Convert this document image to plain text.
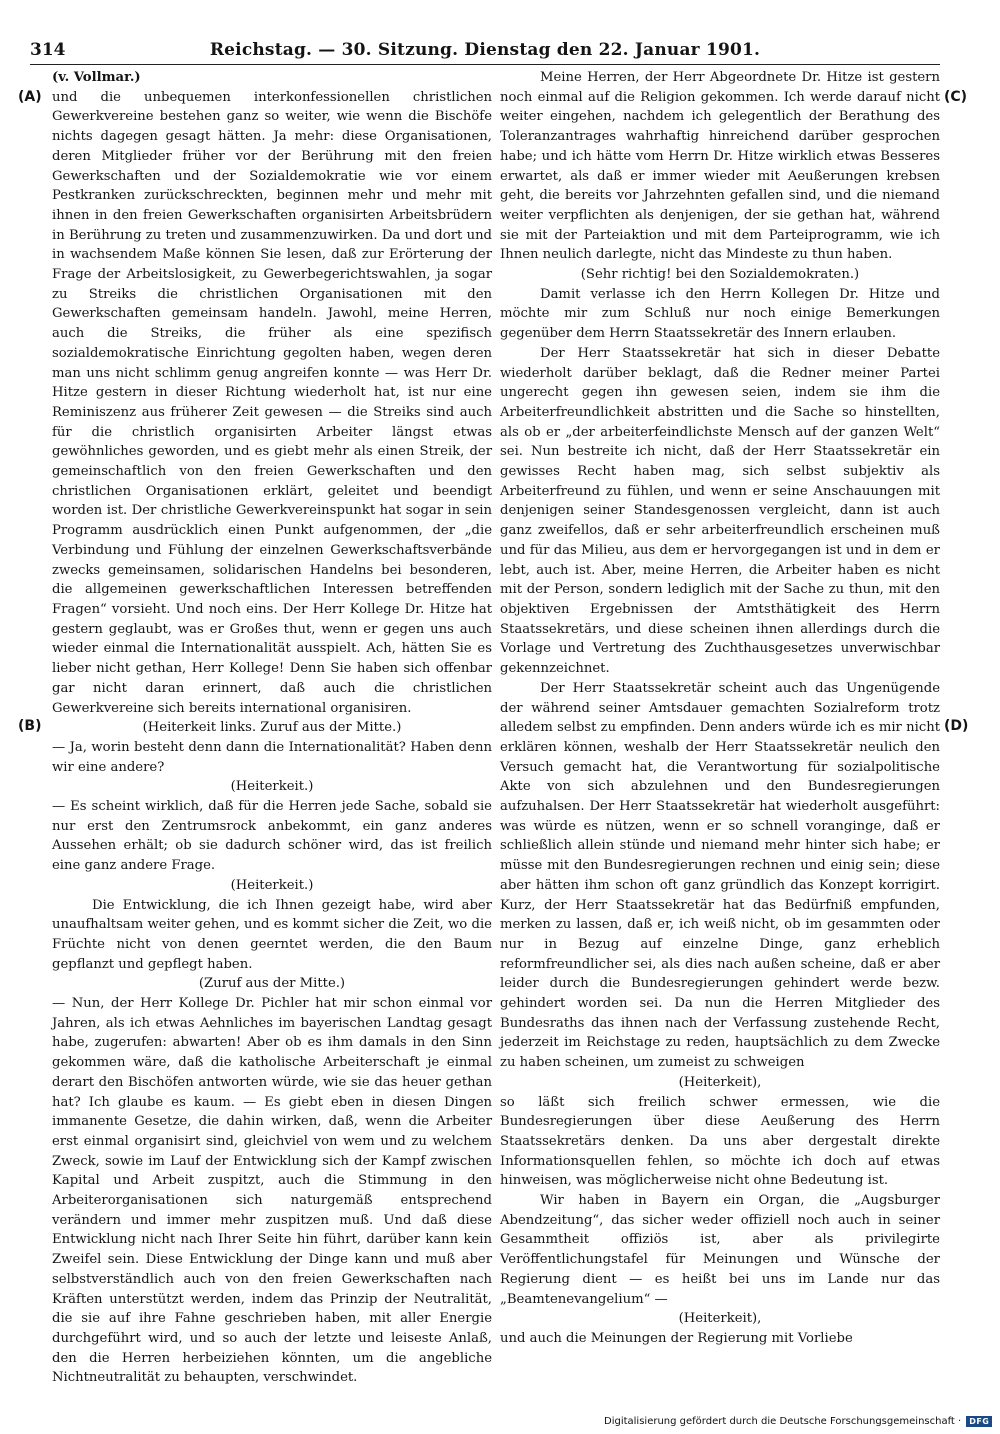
314	Reichstag. — 30. Sitzung. Dienstag den 22. Januar 1901.
(A)
(B)
(C)
(D)

(v. Vollmar.)

und die unbequemen interkonfessionellen christlichen Gewerkvereine bestehen ganz so weiter, wie wenn die Bischöfe nichts dagegen gesagt hätten. Ja mehr: diese Organisationen, deren Mitglieder früher vor der Berührung mit den freien Gewerkschaften und der Sozialdemokratie wie vor einem Pestkranken zurückschreckten, beginnen mehr und mehr mit ihnen in den freien Gewerkschaften organisirten Arbeitsbrüdern in Berührung zu treten und zusammenzuwirken. Da und dort und in wachsendem Maße können Sie lesen, daß zur Erörterung der Frage der Arbeitslosigkeit, zu Gewerbegerichtswahlen, ja sogar zu Streiks die christlichen Organisationen mit den Gewerkschaften gemeinsam handeln. Jawohl, meine Herren, auch die Streiks, die früher als eine spezifisch sozialdemokratische Einrichtung gegolten haben, wegen deren man uns nicht schlimm genug angreifen konnte — was Herr Dr. Hitze gestern in dieser Richtung wiederholt hat, ist nur eine Reminiszenz aus früherer Zeit gewesen — die Streiks sind auch für die christlich organisirten Arbeiter längst etwas gewöhnliches geworden, und es giebt mehr als einen Streik, der gemeinschaftlich von den freien Gewerkschaften und den christlichen Organisationen erklärt, geleitet und beendigt worden ist. Der christliche Gewerkvereinspunkt hat sogar in sein Programm ausdrücklich einen Punkt aufgenommen, der „die Verbindung und Fühlung der einzelnen Gewerkschaftsverbände zwecks gemeinsamen, solidarischen Handelns bei besonderen, die allgemeinen gewerkschaftlichen Interessen betreffenden Fragen“ vorsieht. Und noch eins. Der Herr Kollege Dr. Hitze hat gestern geglaubt, was er Großes thut, wenn er gegen uns auch wieder einmal die Internationalität ausspielt. Ach, hätten Sie es lieber nicht gethan, Herr Kollege! Denn Sie haben sich offenbar gar nicht daran erinnert, daß auch die christlichen Gewerkvereine sich bereits international organisiren.

(Heiterkeit links. Zuruf aus der Mitte.)

— Ja, worin besteht denn dann die Internationalität? Haben denn wir eine andere?

(Heiterkeit.)

— Es scheint wirklich, daß für die Herren jede Sache, sobald sie nur erst den Zentrumsrock anbekommt, ein ganz anderes Aussehen erhält; ob sie dadurch schöner wird, das ist freilich eine ganz andere Frage.

(Heiterkeit.)

Die Entwicklung, die ich Ihnen gezeigt habe, wird aber unaufhaltsam weiter gehen, und es kommt sicher die Zeit, wo die Früchte nicht von denen geerntet werden, die den Baum gepflanzt und gepflegt haben.

(Zuruf aus der Mitte.)

— Nun, der Herr Kollege Dr. Pichler hat mir schon einmal vor Jahren, als ich etwas Aehnliches im bayerischen Landtag gesagt habe, zugerufen: abwarten! Aber ob es ihm damals in den Sinn gekommen wäre, daß die katholische Arbeiterschaft je einmal derart den Bischöfen antworten würde, wie sie das heuer gethan hat? Ich glaube es kaum. — Es giebt eben in diesen Dingen immanente Gesetze, die dahin wirken, daß, wenn die Arbeiter erst einmal organisirt sind, gleichviel von wem und zu welchem Zweck, sowie im Lauf der Entwicklung sich der Kampf zwischen Kapital und Arbeit zuspitzt, auch die Stimmung in den Arbeiterorganisationen sich naturgemäß entsprechend verändern und immer mehr zuspitzen muß. Und daß diese Entwicklung nicht nach Ihrer Seite hin führt, darüber kann kein Zweifel sein. Diese Entwicklung der Dinge kann und muß aber selbstverständlich auch von den freien Gewerkschaften nach Kräften unterstützt werden, indem das Prinzip der Neutralität, die sie auf ihre Fahne geschrieben haben, mit aller Energie durchgeführt wird, und so auch der letzte und leiseste Anlaß, den die Herren herbeiziehen könnten, um die angebliche Nichtneutralität zu behaupten, verschwindet.

Meine Herren, der Herr Abgeordnete Dr. Hitze ist gestern noch einmal auf die Religion gekommen. Ich werde darauf nicht weiter eingehen, nachdem ich gelegentlich der Berathung des Toleranzantrages wahrhaftig hinreichend darüber gesprochen habe; und ich hätte vom Herrn Dr. Hitze wirklich etwas Besseres erwartet, als daß er immer wieder mit Aeußerungen krebsen geht, die bereits vor Jahrzehnten gefallen sind, und die niemand weiter verpflichten als denjenigen, der sie gethan hat, während sie mit der Parteiaktion und mit dem Parteiprogramm, wie ich Ihnen neulich darlegte, nicht das Mindeste zu thun haben.

(Sehr richtig! bei den Sozialdemokraten.)

Damit verlasse ich den Herrn Kollegen Dr. Hitze und möchte mir zum Schluß nur noch einige Bemerkungen gegenüber dem Herrn Staatssekretär des Innern erlauben.

Der Herr Staatssekretär hat sich in dieser Debatte wiederholt darüber beklagt, daß die Redner meiner Partei ungerecht gegen ihn gewesen seien, indem sie ihm die Arbeiterfreundlichkeit abstritten und die Sache so hinstellten, als ob er „der arbeiterfeindlichste Mensch auf der ganzen Welt“ sei. Nun bestreite ich nicht, daß der Herr Staatssekretär ein gewisses Recht haben mag, sich selbst subjektiv als Arbeiterfreund zu fühlen, und wenn er seine Anschauungen mit denjenigen seiner Standesgenossen vergleicht, dann ist auch ganz zweifellos, daß er sehr arbeiterfreundlich erscheinen muß und für das Milieu, aus dem er hervorgegangen ist und in dem er lebt, auch ist. Aber, meine Herren, die Arbeiter haben es nicht mit der Person, sondern lediglich mit der Sache zu thun, mit den objektiven Ergebnissen der Amtsthätigkeit des Herrn Staatssekretärs, und diese scheinen ihnen allerdings durch die Vorlage und Vertretung des Zuchthausgesetzes unverwischbar gekennzeichnet.

Der Herr Staatssekretär scheint auch das Ungenügende der während seiner Amtsdauer gemachten Sozialreform trotz alledem selbst zu empfinden. Denn anders würde ich es mir nicht erklären können, weshalb der Herr Staatssekretär neulich den Versuch gemacht hat, die Verantwortung für sozialpolitische Akte von sich abzulehnen und den Bundesregierungen aufzuhalsen. Der Herr Staatssekretär hat wiederholt ausgeführt: was würde es nützen, wenn er so schnell voranginge, daß er schließlich allein stünde und niemand mehr hinter sich habe; er müsse mit den Bundesregierungen rechnen und einig sein; diese aber hätten ihm schon oft ganz gründlich das Konzept korrigirt. Kurz, der Herr Staatssekretär hat das Bedürfniß empfunden, merken zu lassen, daß er, ich weiß nicht, ob im gesammten oder nur in Bezug auf einzelne Dinge, ganz erheblich reformfreundlicher sei, als dies nach außen scheine, daß er aber leider durch die Bundesregierungen gehindert werde bezw. gehindert worden sei. Da nun die Herren Mitglieder des Bundesraths das ihnen nach der Verfassung zustehende Recht, jederzeit im Reichstage zu reden, hauptsächlich zu dem Zwecke zu haben scheinen, um zumeist zu schweigen

(Heiterkeit),

so läßt sich freilich schwer ermessen, wie die Bundesregierungen über diese Aeußerung des Herrn Staatssekretärs denken. Da uns aber dergestalt direkte Informationsquellen fehlen, so möchte ich doch auf etwas hinweisen, was möglicherweise nicht ohne Bedeutung ist.

Wir haben in Bayern ein Organ, die „Augsburger Abendzeitung“, das sicher weder offiziell noch auch in seiner Gesammtheit offiziös ist, aber als privilegirte Veröffentlichungstafel für Meinungen und Wünsche der Regierung dient — es heißt bei uns im Lande nur das „Beamtenevangelium“ —

(Heiterkeit),

und auch die Meinungen der Regierung mit Vorliebe

Digitalisierung gefördert durch die Deutsche Forschungsgemeinschaft ·	DFG
